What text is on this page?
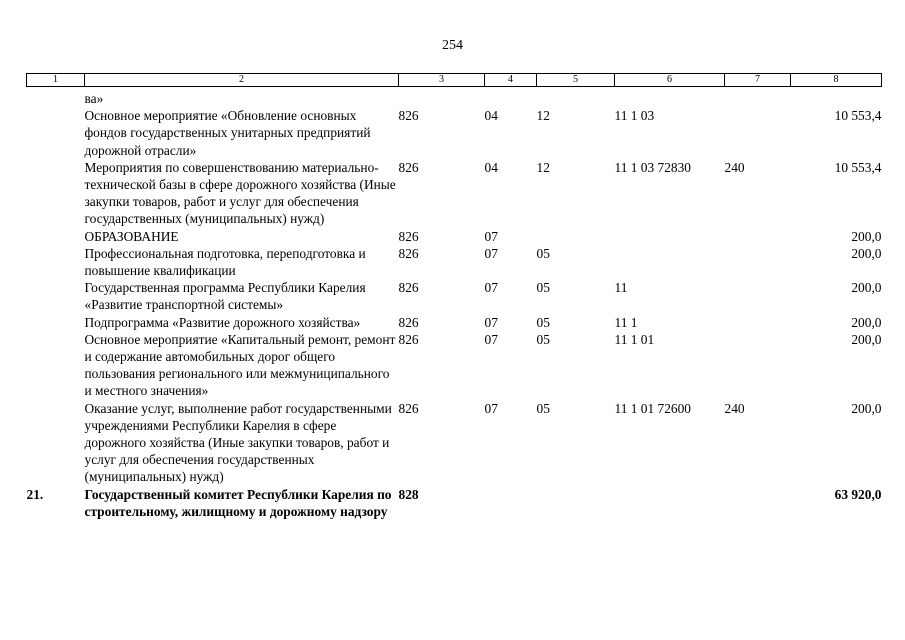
254
1	2	3	4	5	6	7	8
	ва»						
	Основное мероприятие «Обновление основных фондов государственных унитарных предприятий дорожной отрасли»	826	04	12	11 1 03		10 553,4
	Мероприятия по совершенствованию материально-технической базы в сфере дорожного хозяйства (Иные закупки товаров, работ и услуг для обеспечения государственных (муниципальных) нужд)	826	04	12	11 1 03 72830	240	10 553,4
	ОБРАЗОВАНИЕ	826	07				200,0
	Профессиональная подготовка, переподготовка и повышение квалификации	826	07	05			200,0
	Государственная программа Республики Карелия «Развитие транспортной системы»	826	07	05	11		200,0
	Подпрограмма «Развитие дорожного хозяйства»	826	07	05	11 1		200,0
	Основное мероприятие «Капитальный ремонт, ремонт и содержание автомобильных дорог общего пользования регионального или межмуниципального и местного значения»	826	07	05	11 1 01		200,0
	Оказание услуг, выполнение работ государственными учреждениями Республики Карелия в сфере дорожного хозяйства (Иные закупки товаров, работ и услуг для обеспечения государственных (муниципальных) нужд)	826	07	05	11 1 01 72600	240	200,0
21.	Государственный комитет Республики Карелия по строительному, жилищному и дорожному надзору	828					63 920,0
